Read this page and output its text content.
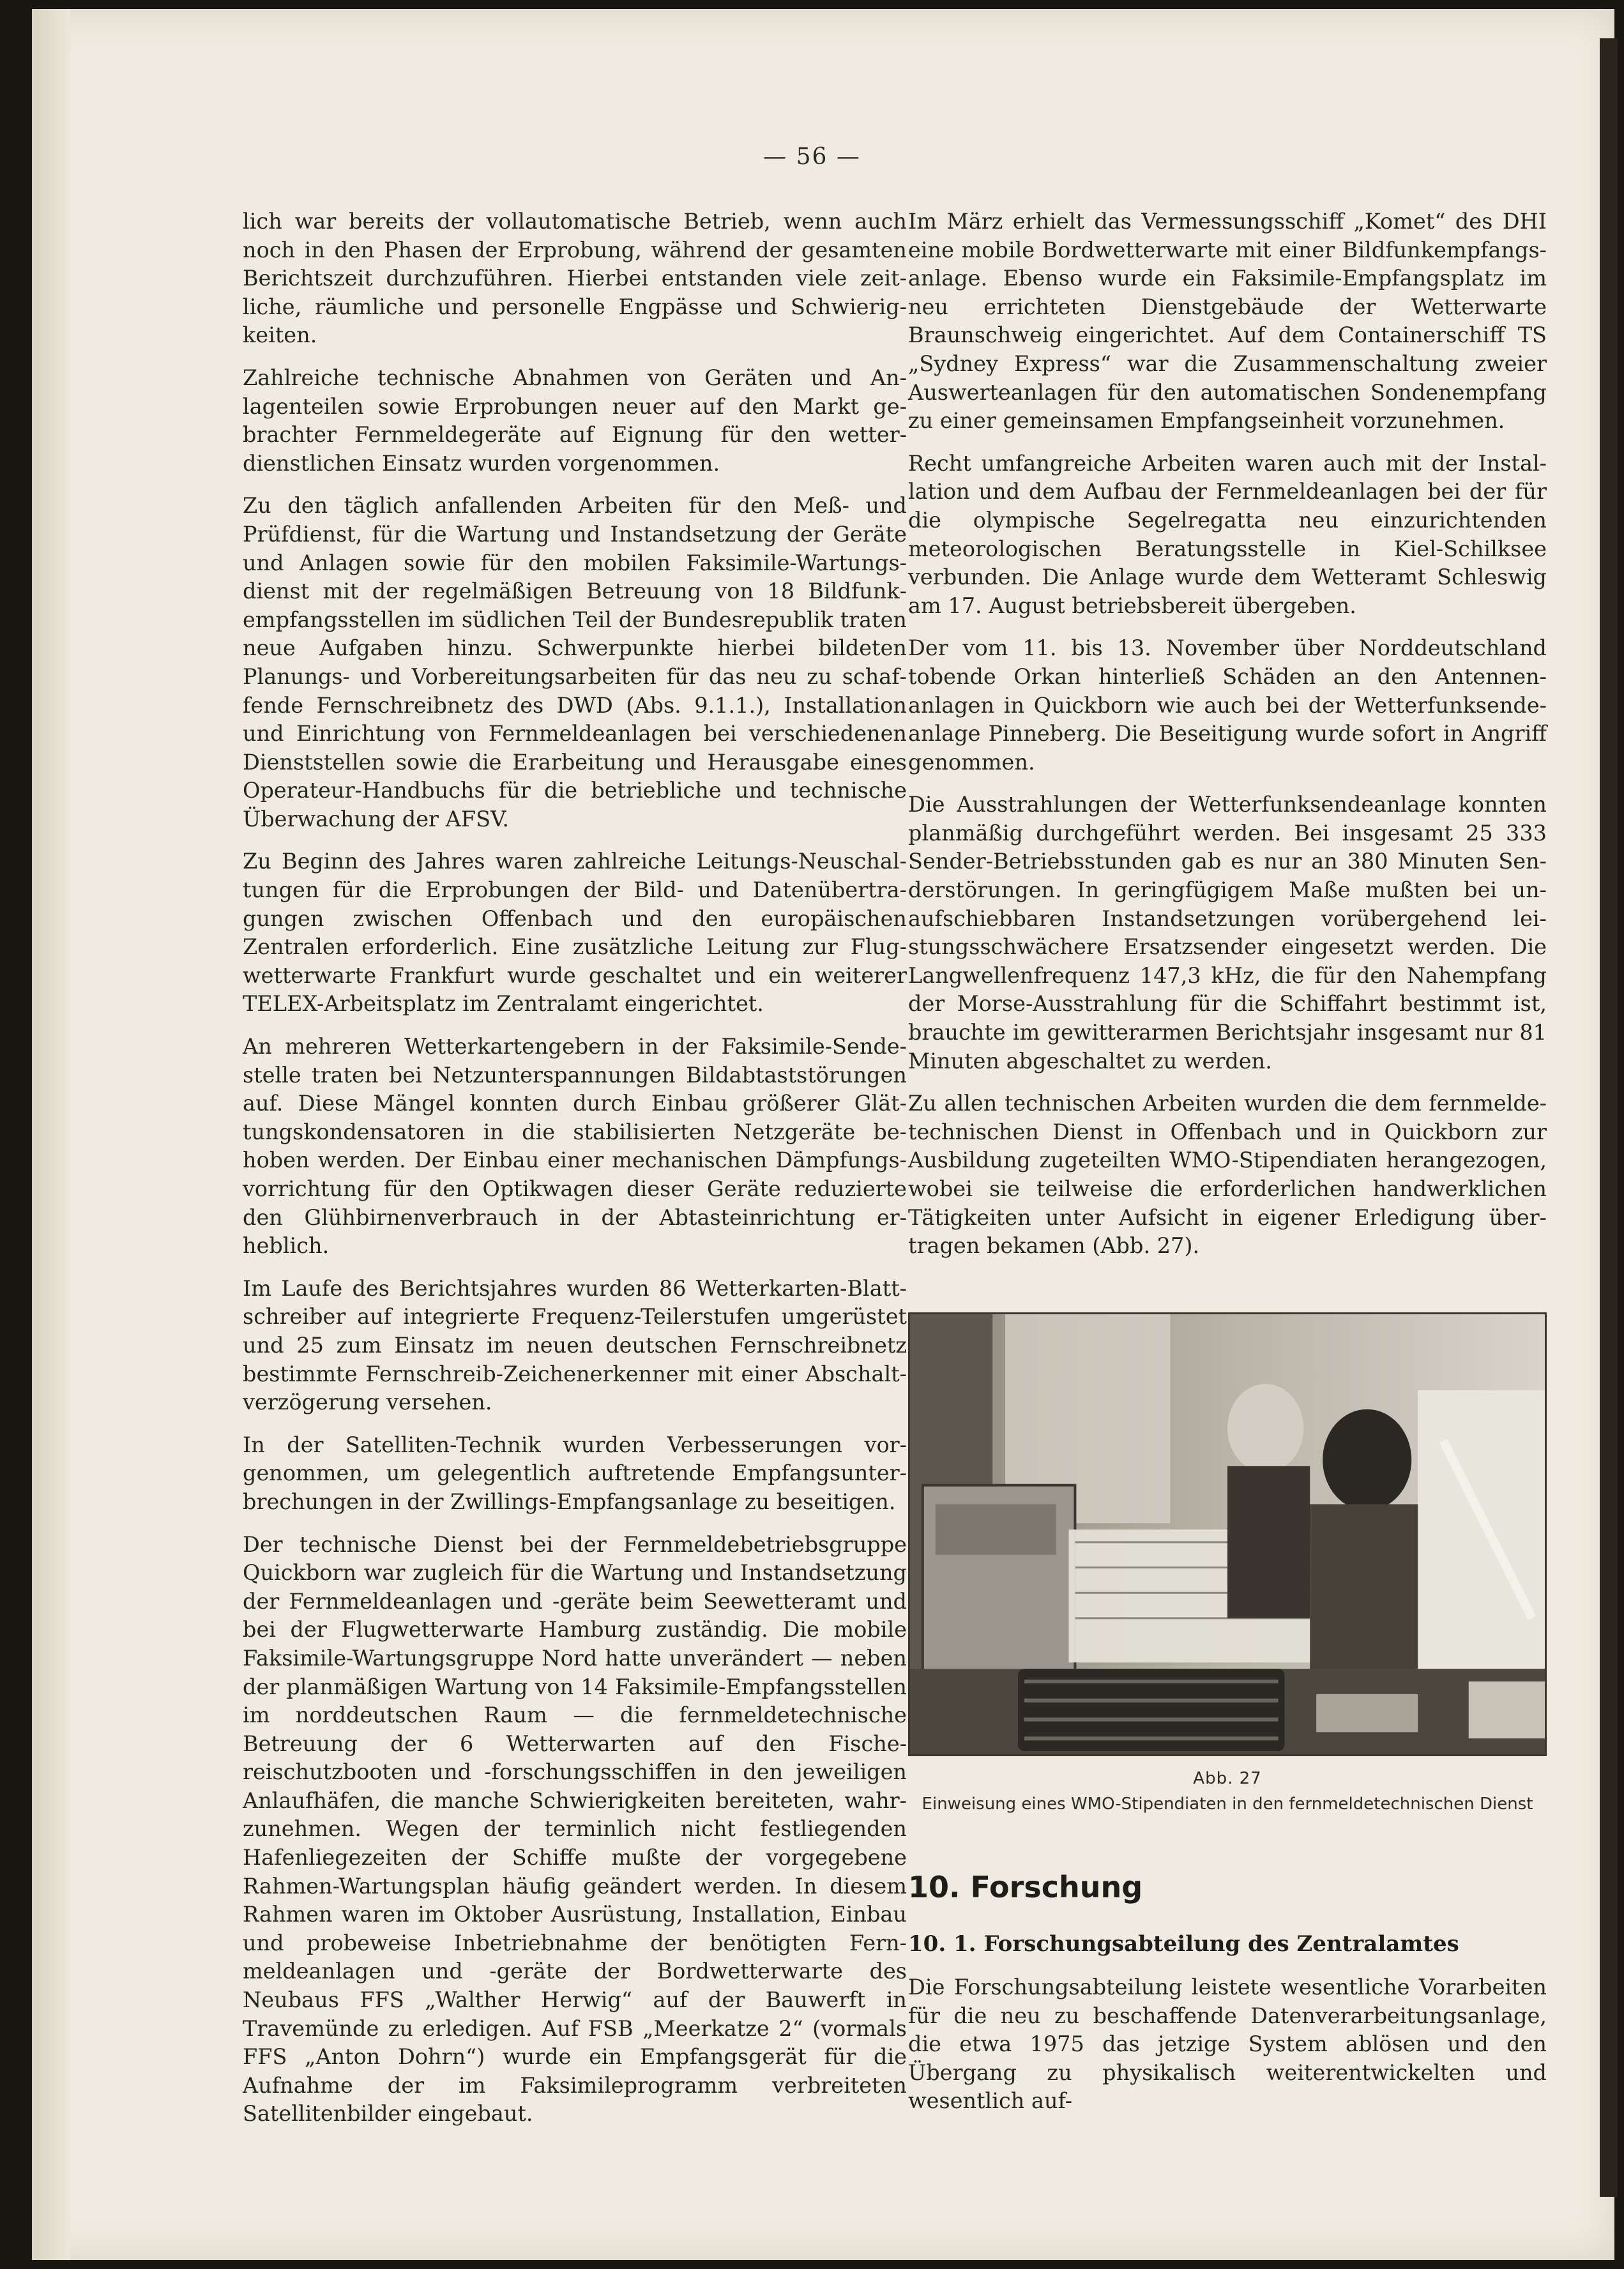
— 56 —

lich war bereits der vollautomatische Betrieb, wenn auch noch in den Phasen der Erprobung, während der gesamten Berichtszeit durchzuführen. Hierbei entstanden viele zeitliche, räumliche und personelle Engpässe und Schwierigkeiten.

Zahlreiche technische Abnahmen von Geräten und Anlagenteilen sowie Erprobungen neuer auf den Markt gebrachter Fernmeldegeräte auf Eignung für den wetterdienstlichen Einsatz wurden vorgenommen.

Zu den täglich anfallenden Arbeiten für den Meß- und Prüfdienst, für die Wartung und Instandsetzung der Geräte und Anlagen sowie für den mobilen Faksimile-Wartungsdienst mit der regelmäßigen Betreuung von 18 Bildfunkempfangsstellen im südlichen Teil der Bundesrepublik traten neue Aufgaben hinzu. Schwerpunkte hierbei bildeten Planungs- und Vorbereitungsarbeiten für das neu zu schaffende Fernschreibnetz des DWD (Abs. 9.1.1.), Installation und Einrichtung von Fernmeldeanlagen bei verschiedenen Dienststellen sowie die Erarbeitung und Herausgabe eines Operateur-Handbuchs für die betriebliche und technische Überwachung der AFSV.

Zu Beginn des Jahres waren zahlreiche Leitungs-Neuschaltungen für die Erprobungen der Bild- und Datenübertragungen zwischen Offenbach und den europäischen Zentralen erforderlich. Eine zusätzliche Leitung zur Flugwetterwarte Frankfurt wurde geschaltet und ein weiterer TELEX-Arbeitsplatz im Zentralamt eingerichtet.

An mehreren Wetterkartengebern in der Faksimile-Sendestelle traten bei Netzunterspannungen Bildabtaststörungen auf. Diese Mängel konnten durch Einbau größerer Glättungskondensatoren in die stabilisierten Netzgeräte behoben werden. Der Einbau einer mechanischen Dämpfungsvorrichtung für den Optikwagen dieser Geräte reduzierte den Glühbirnenverbrauch in der Abtasteinrichtung erheblich.

Im Laufe des Berichtsjahres wurden 86 Wetterkarten-Blattschreiber auf integrierte Frequenz-Teilerstufen umgerüstet und 25 zum Einsatz im neuen deutschen Fernschreibnetz bestimmte Fernschreib-Zeichenerkenner mit einer Abschaltverzögerung versehen.

In der Satelliten-Technik wurden Verbesserungen vorgenommen, um gelegentlich auftretende Empfangsunterbrechungen in der Zwillings-Empfangsanlage zu beseitigen.

Der technische Dienst bei der Fernmeldebetriebsgruppe Quickborn war zugleich für die Wartung und Instandsetzung der Fernmeldeanlagen und -geräte beim Seewetteramt und bei der Flugwetterwarte Hamburg zuständig. Die mobile Faksimile-Wartungsgruppe Nord hatte unverändert — neben der planmäßigen Wartung von 14 Faksimile-Empfangsstellen im norddeutschen Raum — die fernmeldetechnische Betreuung der 6 Wetterwarten auf den Fischereischutzbooten und -forschungsschiffen in den jeweiligen Anlaufhäfen, die manche Schwierigkeiten bereiteten, wahrzunehmen. Wegen der terminlich nicht festliegenden Hafenliegezeiten der Schiffe mußte der vorgegebene Rahmen-Wartungsplan häufig geändert werden. In diesem Rahmen waren im Oktober Ausrüstung, Installation, Einbau und probeweise Inbetriebnahme der benötigten Fernmeldeanlagen und -geräte der Bordwetterwarte des Neubaus FFS „Walther Herwig“ auf der Bauwerft in Travemünde zu erledigen. Auf FSB „Meerkatze 2“ (vormals FFS „Anton Dohrn“) wurde ein Empfangsgerät für die Aufnahme der im Faksimileprogramm verbreiteten Satellitenbilder eingebaut.

Im März erhielt das Vermessungsschiff „Komet“ des DHI eine mobile Bordwetterwarte mit einer Bildfunkempfangsanlage. Ebenso wurde ein Faksimile-Empfangsplatz im neu errichteten Dienstgebäude der Wetterwarte Braunschweig eingerichtet. Auf dem Containerschiff TS „Sydney Express“ war die Zusammenschaltung zweier Auswerteanlagen für den automatischen Sondenempfang zu einer gemeinsamen Empfangseinheit vorzunehmen.

Recht umfangreiche Arbeiten waren auch mit der Installation und dem Aufbau der Fernmeldeanlagen bei der für die olympische Segelregatta neu einzurichtenden meteorologischen Beratungsstelle in Kiel-Schilksee verbunden. Die Anlage wurde dem Wetteramt Schleswig am 17. August betriebsbereit übergeben.

Der vom 11. bis 13. November über Norddeutschland tobende Orkan hinterließ Schäden an den Antennenanlagen in Quickborn wie auch bei der Wetterfunksendeanlage Pinneberg. Die Beseitigung wurde sofort in Angriff genommen.

Die Ausstrahlungen der Wetterfunksendeanlage konnten planmäßig durchgeführt werden. Bei insgesamt 25 333 Sender-Betriebsstunden gab es nur an 380 Minuten Senderstörungen. In geringfügigem Maße mußten bei unaufschiebbaren Instandsetzungen vorübergehend leistungsschwächere Ersatzsender eingesetzt werden. Die Langwellenfrequenz 147,3 kHz, die für den Nahempfang der Morse-Ausstrahlung für die Schiffahrt bestimmt ist, brauchte im gewitterarmen Berichtsjahr insgesamt nur 81 Minuten abgeschaltet zu werden.

Zu allen technischen Arbeiten wurden die dem fernmeldetechnischen Dienst in Offenbach und in Quickborn zur Ausbildung zugeteilten WMO-Stipendiaten herangezogen, wobei sie teilweise die erforderlichen handwerklichen Tätigkeiten unter Aufsicht in eigener Erledigung übertragen bekamen (Abb. 27).

Abb. 27
Einweisung eines WMO-Stipendiaten in den fernmeldetechnischen Dienst
10. Forschung
10. 1. Forschungsabteilung des Zentralamtes

Die Forschungsabteilung leistete wesentliche Vorarbeiten für die neu zu beschaffende Datenverarbeitungsanlage, die etwa 1975 das jetzige System ablösen und den Übergang zu physikalisch weiterentwickelten und wesentlich auf-
